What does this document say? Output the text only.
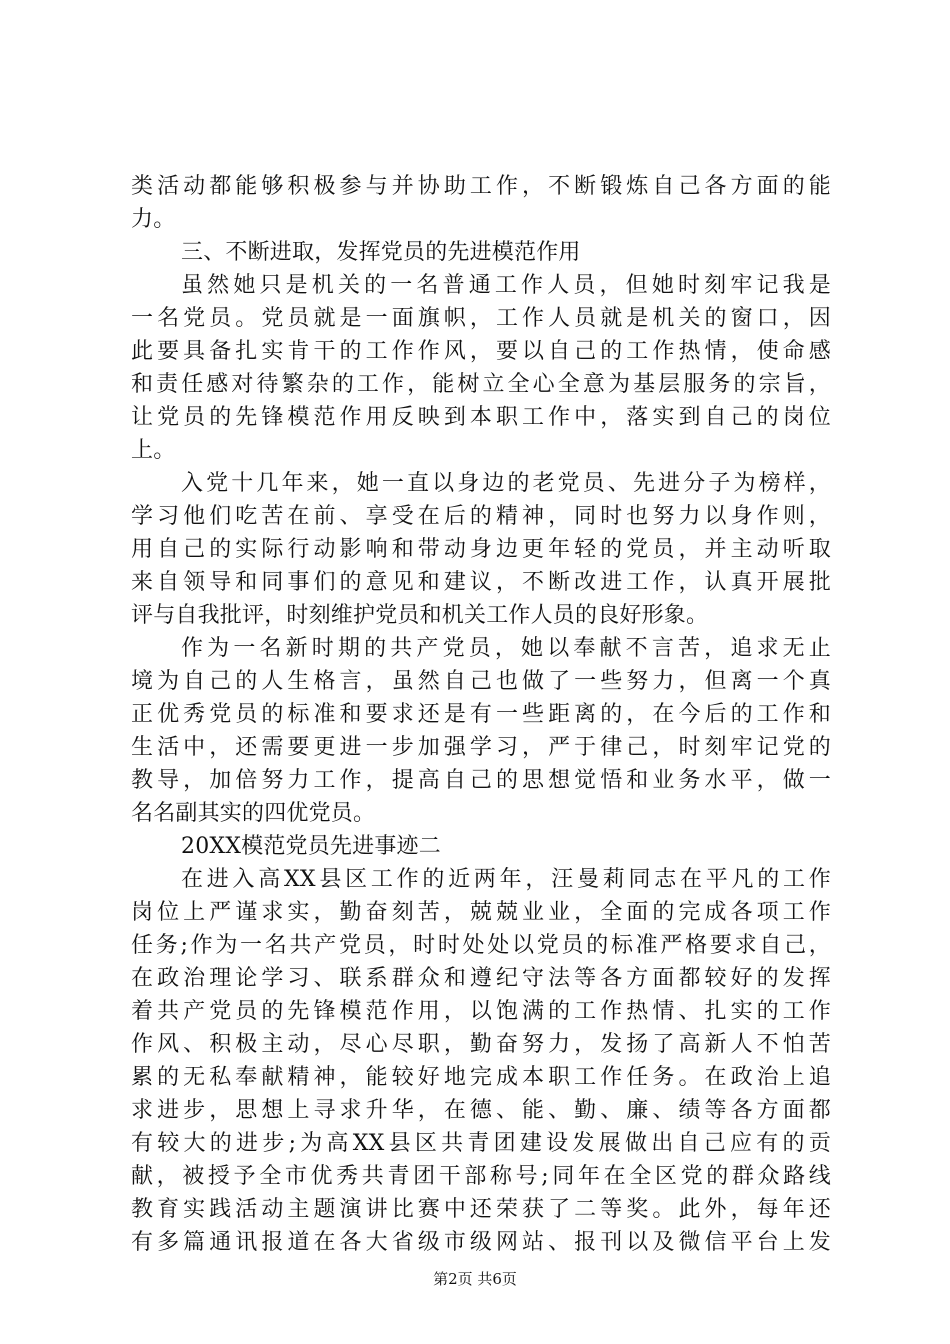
类活动都能够积极参与并协助工作，不断锻炼自己各方面的能
力。
三、不断进取，发挥党员的先进模范作用
虽然她只是机关的一名普通工作人员，但她时刻牢记我是
一名党员。党员就是一面旗帜，工作人员就是机关的窗口，因
此要具备扎实肯干的工作作风，要以自己的工作热情，使命感
和责任感对待繁杂的工作，能树立全心全意为基层服务的宗旨，
让党员的先锋模范作用反映到本职工作中，落实到自己的岗位
上。
入党十几年来，她一直以身边的老党员、先进分子为榜样，
学习他们吃苦在前、享受在后的精神，同时也努力以身作则，
用自己的实际行动影响和带动身边更年轻的党员，并主动听取
来自领导和同事们的意见和建议，不断改进工作，认真开展批
评与自我批评，时刻维护党员和机关工作人员的良好形象。
作为一名新时期的共产党员，她以奉献不言苦，追求无止
境为自己的人生格言，虽然自己也做了一些努力，但离一个真
正优秀党员的标准和要求还是有一些距离的，在今后的工作和
生活中，还需要更进一步加强学习，严于律己，时刻牢记党的
教导，加倍努力工作，提高自己的思想觉悟和业务水平，做一
名名副其实的四优党员。
20XX模范党员先进事迹二
在进入高XX县区工作的近两年，汪曼莉同志在平凡的工作
岗位上严谨求实，勤奋刻苦，兢兢业业，全面的完成各项工作
任务;作为一名共产党员，时时处处以党员的标准严格要求自己，
在政治理论学习、联系群众和遵纪守法等各方面都较好的发挥
着共产党员的先锋模范作用，以饱满的工作热情、扎实的工作
作风、积极主动，尽心尽职，勤奋努力，发扬了高新人不怕苦
累的无私奉献精神，能较好地完成本职工作任务。在政治上追
求进步，思想上寻求升华，在德、能、勤、廉、绩等各方面都
有较大的进步;为高XX县区共青团建设发展做出自己应有的贡
献，被授予全市优秀共青团干部称号;同年在全区党的群众路线
教育实践活动主题演讲比赛中还荣获了二等奖。此外，每年还
有多篇通讯报道在各大省级市级网站、报刊以及微信平台上发
第2页 共6页
